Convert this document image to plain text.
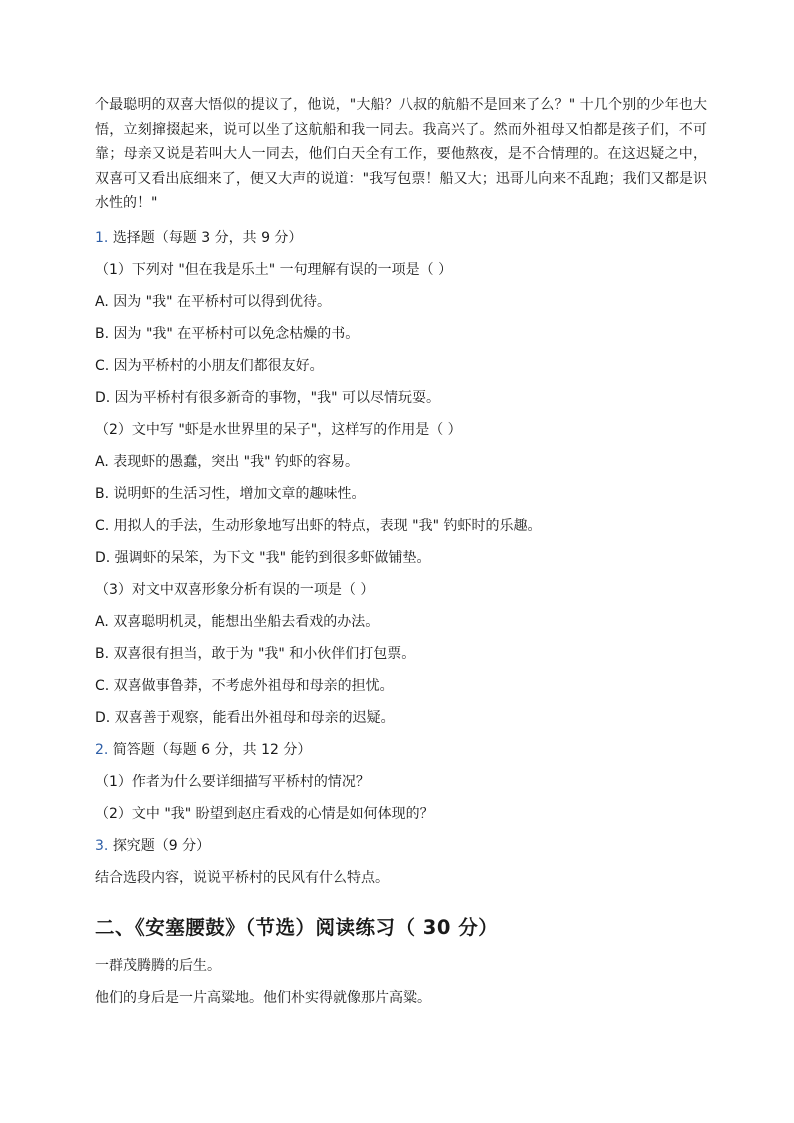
个最聪明的双喜大悟似的提议了，他说，"大船？八叔的航船不是回来了么？" 十几个别的少年也大悟，立刻撺掇起来，说可以坐了这航船和我一同去。我高兴了。然而外祖母又怕都是孩子们，不可靠；母亲又说是若叫大人一同去，他们白天全有工作，要他熬夜，是不合情理的。在这迟疑之中，双喜可又看出底细来了，便又大声的说道："我写包票！船又大；迅哥儿向来不乱跑；我们又都是识水性的！"

1. 选择题（每题 3 分，共 9 分）
（1）下列对 "但在我是乐土" 一句理解有误的一项是（ ）
A. 因为 "我" 在平桥村可以得到优待。
B. 因为 "我" 在平桥村可以免念枯燥的书。
C. 因为平桥村的小朋友们都很友好。
D. 因为平桥村有很多新奇的事物，"我" 可以尽情玩耍。
（2）文中写 "虾是水世界里的呆子"，这样写的作用是（ ）
A. 表现虾的愚蠢，突出 "我" 钓虾的容易。
B. 说明虾的生活习性，增加文章的趣味性。
C. 用拟人的手法，生动形象地写出虾的特点，表现 "我" 钓虾时的乐趣。
D. 强调虾的呆笨，为下文 "我" 能钓到很多虾做铺垫。
（3）对文中双喜形象分析有误的一项是（ ）
A. 双喜聪明机灵，能想出坐船去看戏的办法。
B. 双喜很有担当，敢于为 "我" 和小伙伴们打包票。
C. 双喜做事鲁莽，不考虑外祖母和母亲的担忧。
D. 双喜善于观察，能看出外祖母和母亲的迟疑。
2. 简答题（每题 6 分，共 12 分）
（1）作者为什么要详细描写平桥村的情况？
（2）文中 "我" 盼望到赵庄看戏的心情是如何体现的？
3. 探究题（9 分）
结合选段内容，说说平桥村的民风有什么特点。
二、《安塞腰鼓》（节选）阅读练习（ 30 分）
一群茂腾腾的后生。
他们的身后是一片高粱地。他们朴实得就像那片高粱。
